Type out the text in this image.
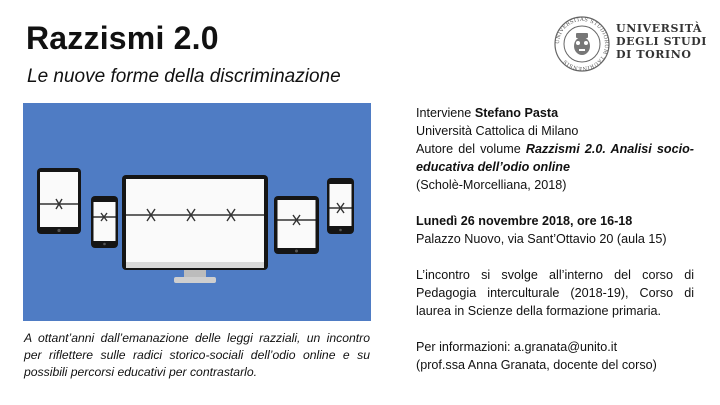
Razzismi 2.0
Le nuove forme della discriminazione
UNIVERSITAS STUDIORUM TAURINENSIS
UNIVERSITÀ
DEGLI STUDI
DI TORINO

A ottant’anni dall’emanazione delle leggi razziali, un incontro per riflettere sulle radici storico-sociali dell’odio online e su possibili percorsi educativi per contrastarlo.

Interviene Stefano Pasta

Università Cattolica di Milano

Autore del volume Razzismi 2.0. Analisi socio-educativa dell’odio online

(Scholè-Morcelliana, 2018)

Lunedì 26 novembre 2018, ore 16-18

Palazzo Nuovo, via Sant’Ottavio 20 (aula 15)

L’incontro si svolge all’interno del corso di Pedagogia interculturale (2018-19), Corso di laurea in Scienze della formazione primaria.

Per informazioni: a.granata@unito.it

(prof.ssa Anna Granata, docente del corso)
